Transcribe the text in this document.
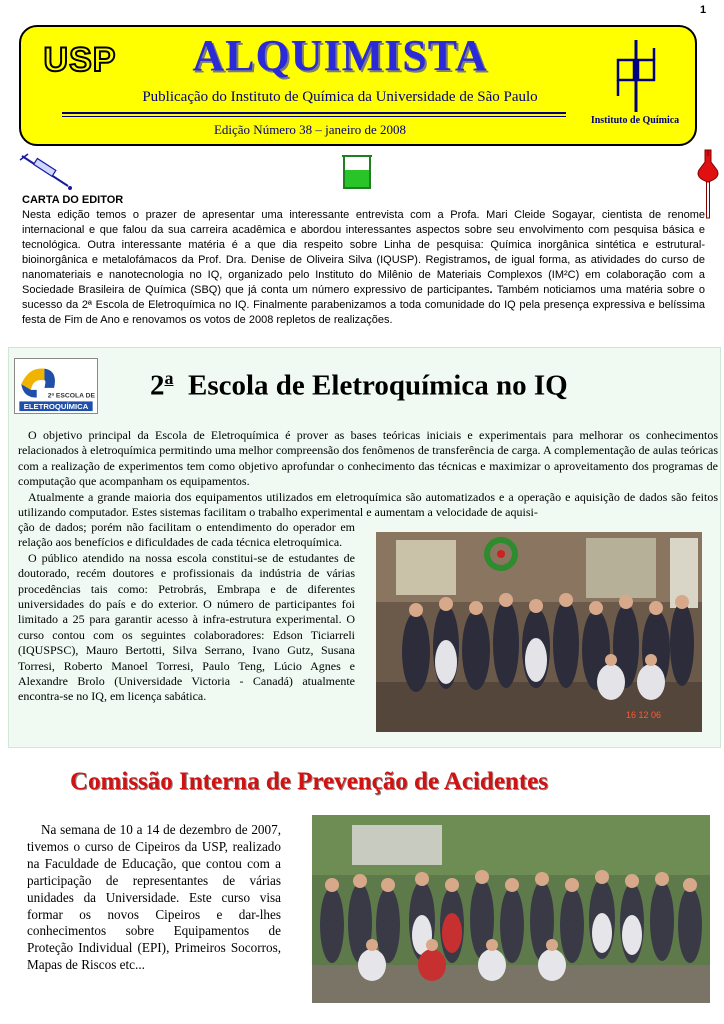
1
USP	ALQUIMISTA
Publicação do Instituto de Química da Universidade de São Paulo
Edição Número 38 – janeiro de 2008
Instituto de Química
CARTA DO EDITOR
Nesta edição temos o prazer de apresentar uma interessante entrevista com a Profa. Mari Cleide Sogayar, cientista de renome internacional e que falou da sua carreira acadêmica e abordou interessantes aspectos sobre seu envolvimento com pesquisa básica e tecnológica. Outra interessante matéria é a que dia respeito sobre Linha de pesquisa: Química inorgânica sintética e estrutural-bioinorgânica e metalofámacos da Prof. Dra. Denise de Oliveira Silva (IQUSP). Registramos, de igual forma, as atividades do curso de nanomateriais e nanotecnologia no IQ, organizado pelo Instituto do Milênio de Materiais Complexos (IM²C) em colaboração com a Sociedade Brasileira de Química (SBQ) que já conta um número expressivo de participantes. Também noticiamos uma matéria sobre o sucesso da 2ª Escola de Eletroquímica no IQ. Finalmente parabenizamos a toda comunidade do IQ pela presença expressiva e belíssima festa de Fim de Ano e renovamos os votos de 2008 repletos de realizações.
2ª ESCOLA DE
ELETROQUÍMICA
2$^a$ Escola de Eletroquímica no IQ

O objetivo principal da Escola de Eletroquímica é prover as bases teóricas iniciais e experimentais para melhorar os conhecimentos relacionados à eletroquímica permitindo uma melhor compreensão dos fenômenos de transferência de carga. A complementação de aulas teóricas com a realização de experimentos tem como objetivo aprofundar o conhecimento das técnicas e maximizar o aproveitamento dos programas de computação que acompanham os equipamentos.

Atualmente a grande maioria dos equipamentos utilizados em eletroquímica são automatizados e a operação e aquisição de dados são feitos utilizando computador. Estes sistemas facilitam o trabalho experimental e aumentam a velocidade de aquisi-

ção de dados; porém não facilitam o entendimento do operador em relação aos benefícios e dificuldades de cada técnica eletroquímica.

O público atendido na nossa escola constitui-se de estudantes de doutorado, recém doutores e profissionais da indústria de várias procedências tais como: Petrobrás, Embrapa e de diferentes universidades do país e do exterior. O número de participantes foi limitado a 25 para garantir acesso à infra-estrutura experimental. O curso contou com os seguintes colaboradores: Edson Ticiarreli (IQUSPSC), Mauro Bertotti, Silva Serrano, Ivano Gutz, Susana Torresi, Roberto Manoel Torresi, Paulo Teng, Lúcio Agnes e Alexandre Brolo (Universidade Victoria - Canadá) atualmente encontra-se no IQ, em licença sabática.

16 12 06
Comissão Interna de Prevenção de Acidentes

Na semana de 10 a 14 de dezembro de 2007, tivemos o curso de Cipeiros da USP, realizado na Faculdade de Educação, que contou com a participação de representantes de várias unidades da Universidade. Este curso visa formar os novos Cipeiros e dar-lhes conhecimentos sobre Equipamentos de Proteção Individual (EPI), Primeiros Socorros, Mapas de Riscos etc...
